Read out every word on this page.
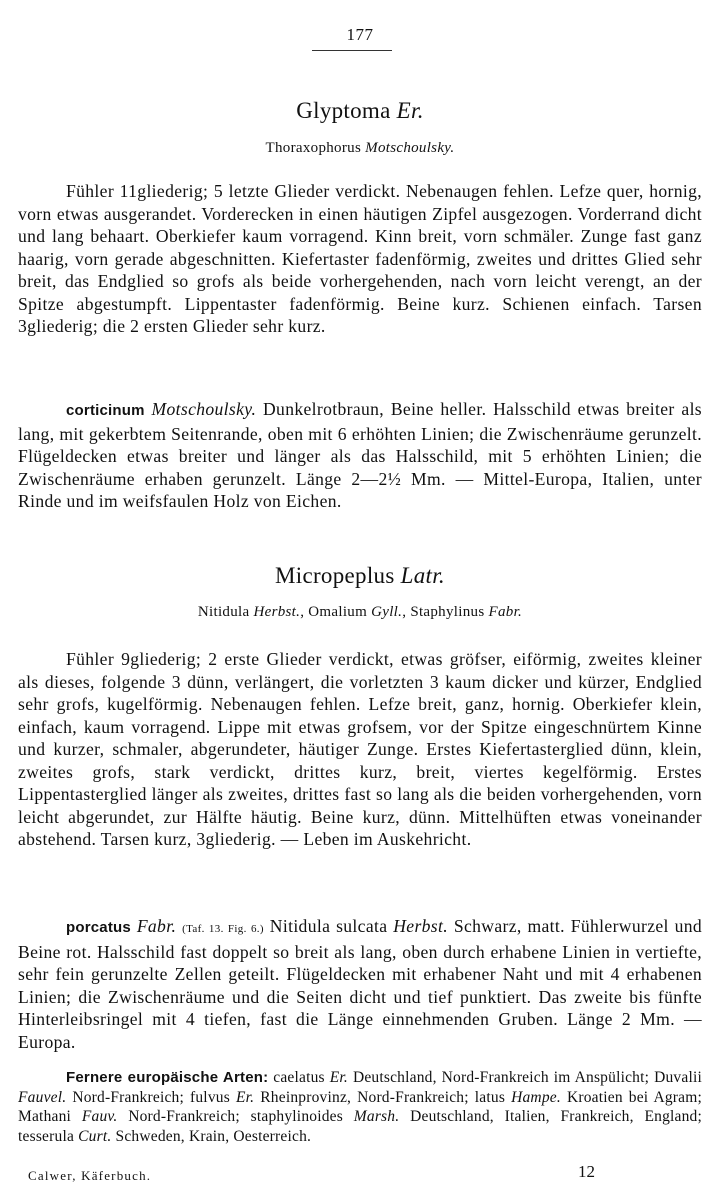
177

Glyptoma Er.

Thoraxophorus Motschoulsky.

Fühler 11gliederig; 5 letzte Glieder verdickt. Nebenaugen fehlen. Lefze quer, hornig, vorn etwas ausgerandet. Vorderecken in einen häutigen Zipfel ausgezogen. Vorderrand dicht und lang behaart. Oberkiefer kaum vorragend. Kinn breit, vorn schmäler. Zunge fast ganz haarig, vorn gerade abgeschnitten. Kiefertaster fadenförmig, zweites und drittes Glied sehr breit, das Endglied so grofs als beide vorhergehenden, nach vorn leicht verengt, an der Spitze abgestumpft. Lippentaster fadenförmig. Beine kurz. Schienen einfach. Tarsen 3gliederig; die 2 ersten Glieder sehr kurz.

corticinum Motschoulsky. Dunkelrotbraun, Beine heller. Halsschild etwas breiter als lang, mit gekerbtem Seitenrande, oben mit 6 erhöhten Linien; die Zwischenräume gerunzelt. Flügeldecken etwas breiter und länger als das Halsschild, mit 5 erhöhten Linien; die Zwischenräume erhaben gerunzelt. Länge 2—2½ Mm. — Mittel-Europa, Italien, unter Rinde und im weifsfaulen Holz von Eichen.

Micropeplus Latr.

Nitidula Herbst., Omalium Gyll., Staphylinus Fabr.

Fühler 9gliederig; 2 erste Glieder verdickt, etwas gröfser, eiförmig, zweites kleiner als dieses, folgende 3 dünn, verlängert, die vorletzten 3 kaum dicker und kürzer, Endglied sehr grofs, kugelförmig. Nebenaugen fehlen. Lefze breit, ganz, hornig. Oberkiefer klein, einfach, kaum vorragend. Lippe mit etwas grofsem, vor der Spitze eingeschnürtem Kinne und kurzer, schmaler, abgerundeter, häutiger Zunge. Erstes Kiefertasterglied dünn, klein, zweites grofs, stark verdickt, drittes kurz, breit, viertes kegelförmig. Erstes Lippentasterglied länger als zweites, drittes fast so lang als die beiden vorhergehenden, vorn leicht abgerundet, zur Hälfte häutig. Beine kurz, dünn. Mittelhüften etwas voneinander abstehend. Tarsen kurz, 3gliederig. — Leben im Auskehricht.

porcatus Fabr. (Taf. 13. Fig. 6.) Nitidula sulcata Herbst. Schwarz, matt. Fühlerwurzel und Beine rot. Halsschild fast doppelt so breit als lang, oben durch erhabene Linien in vertiefte, sehr fein gerunzelte Zellen geteilt. Flügeldecken mit erhabener Naht und mit 4 erhabenen Linien; die Zwischenräume und die Seiten dicht und tief punktiert. Das zweite bis fünfte Hinterleibsringel mit 4 tiefen, fast die Länge einnehmenden Gruben. Länge 2 Mm. — Europa.

Fernere europäische Arten: caelatus Er. Deutschland, Nord-Frankreich im Anspülicht; Duvalii Fauvel. Nord-Frankreich; fulvus Er. Rheinprovinz, Nord-Frankreich; latus Hampe. Kroatien bei Agram; Mathani Fauv. Nord-Frankreich; staphylinoides Marsh. Deutschland, Italien, Frankreich, England; tesserula Curt. Schweden, Krain, Oesterreich.

Calwer, Käferbuch.	12
